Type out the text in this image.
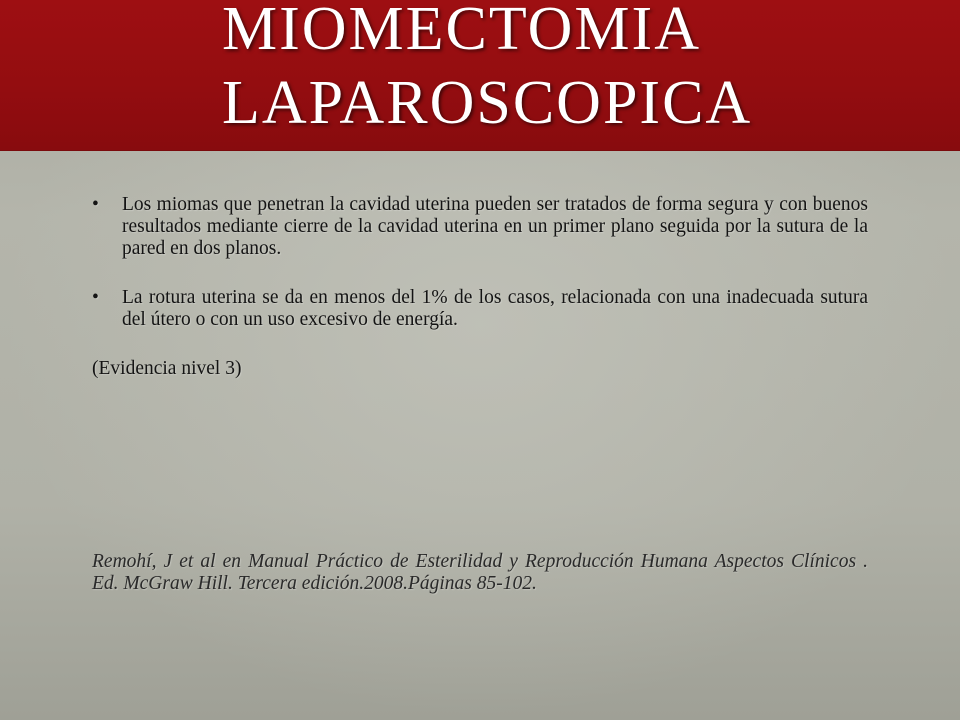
MIOMECTOMIA
LAPAROSCOPICA
•	Los miomas que penetran la cavidad uterina pueden ser tratados de forma segura y con buenos resultados mediante cierre de la cavidad uterina en un primer plano seguida por la sutura de la pared en dos planos.
•	La rotura uterina se da en menos del 1% de los casos, relacionada con una inadecuada sutura del útero o con un uso excesivo de energía.
(Evidencia nivel 3)
Remohí, J et al en Manual Práctico de Esterilidad y Reproducción Humana Aspectos Clínicos . Ed. McGraw Hill. Tercera edición.2008.Páginas 85-102.
